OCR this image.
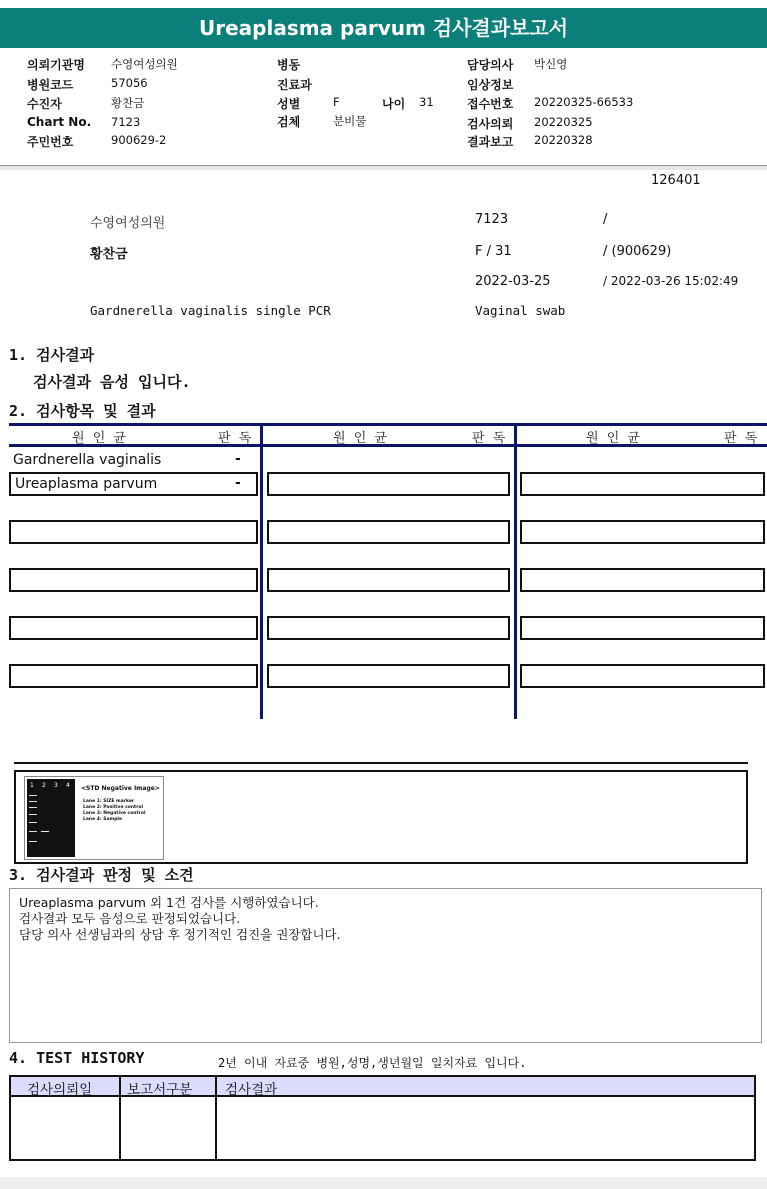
Ureaplasma parvum 검사결과보고서
의뢰기관명 수영여성의원
병원코드	57056
수진자	황찬금
Chart No. 7123
주민번호	900629-2
병동
진료과
성별	F	나이 31
검체	분비물
담당의사 박신영
임상정보
접수번호 20220325-66533
검사의뢰 20220325
결과보고 20220328
126401
수영여성의원	7123	/
황찬금	F / 31	/ (900629)
2022-03-25	/ 2022-03-26 15:02:49
Gardnerella vaginalis single PCR	Vaginal swab
1. 검사결과
검사결과 음성 입니다.
2. 검사항목 및 결과
원 인 균	판 독	원 인 균	판 독	원 인 균	판 독
Gardnerella vaginalis	-
Ureaplasma parvum	-
1 2 3 4 <STD Negative Image>
Lane 1: SIZE marker
Lane 2: Positive control
Lane 3: Negative control
Lane 4: Sample
3. 검사결과 판정 및 소견
Ureaplasma parvum 외 1건 검사를 시행하였습니다.
검사결과 모두 음성으로 판정되었습니다.
담당 의사 선생님과의 상담 후 정기적인 검진을 권장합니다.
4. TEST HISTORY	2년 이내 자료중 병원,성명,생년월일 일치자료 입니다.
검사의뢰일	보고서구분 검사결과
